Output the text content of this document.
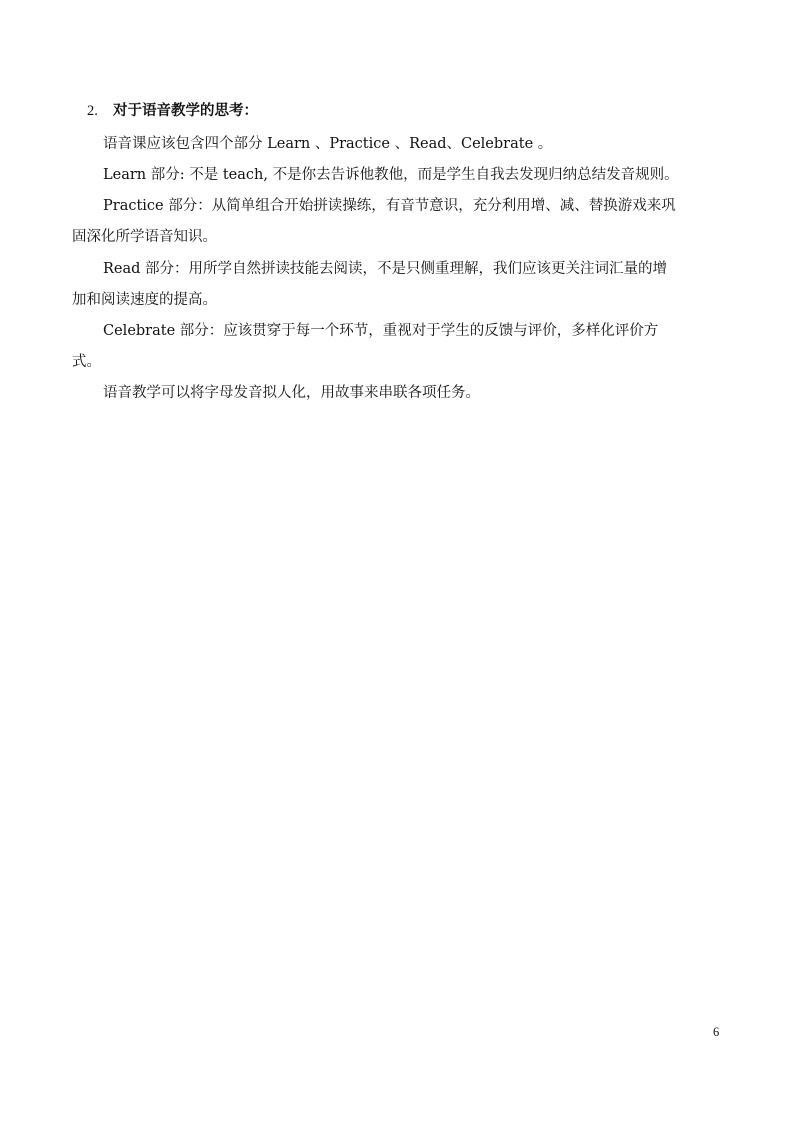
2. 对于语音教学的思考：
语音课应该包含四个部分 Learn 、Practice 、Read、Celebrate 。
Learn 部分: 不是 teach, 不是你去告诉他教他，而是学生自我去发现归纳总结发音规则。
Practice 部分：从简单组合开始拼读操练，有音节意识，充分利用增、减、替换游戏来巩
固深化所学语音知识。
Read 部分：用所学自然拼读技能去阅读，不是只侧重理解，我们应该更关注词汇量的增
加和阅读速度的提高。
Celebrate 部分：应该贯穿于每一个环节，重视对于学生的反馈与评价，多样化评价方
式。
语音教学可以将字母发音拟人化，用故事来串联各项任务。
6
